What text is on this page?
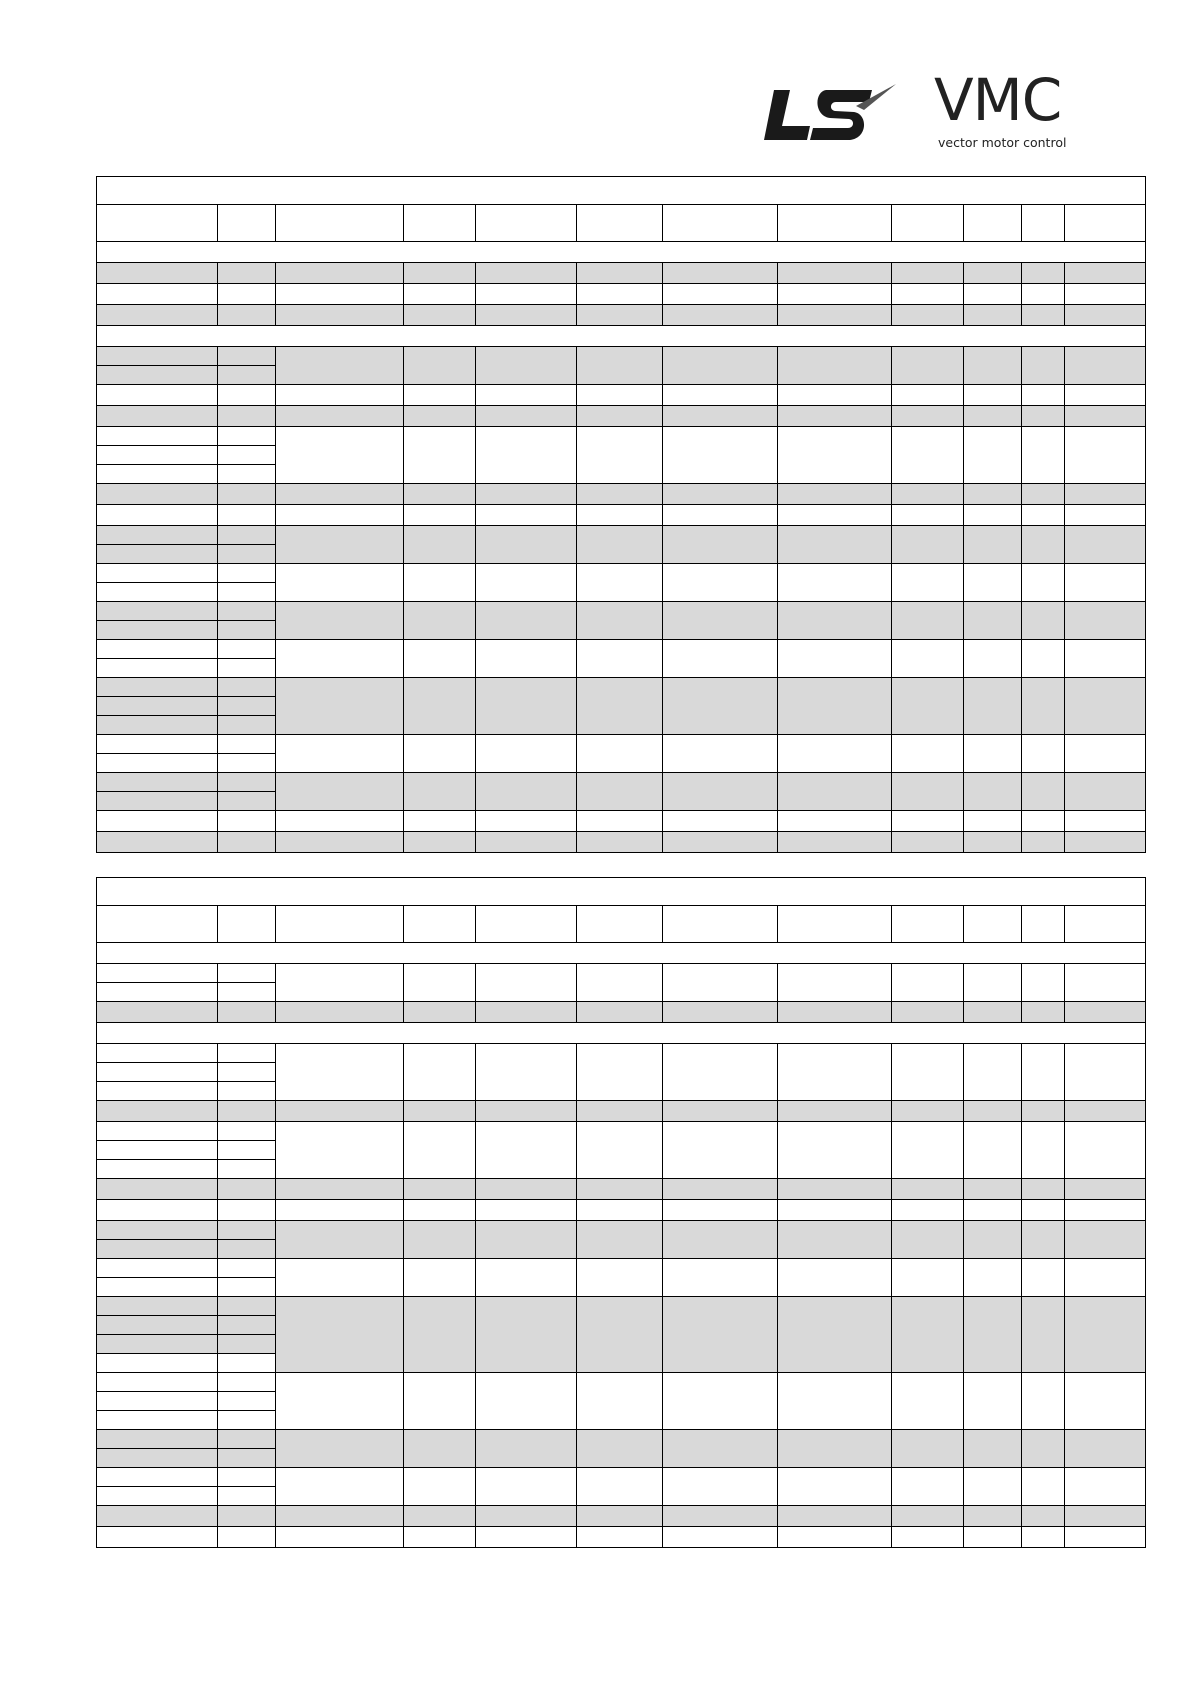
VMC
vector motor control
